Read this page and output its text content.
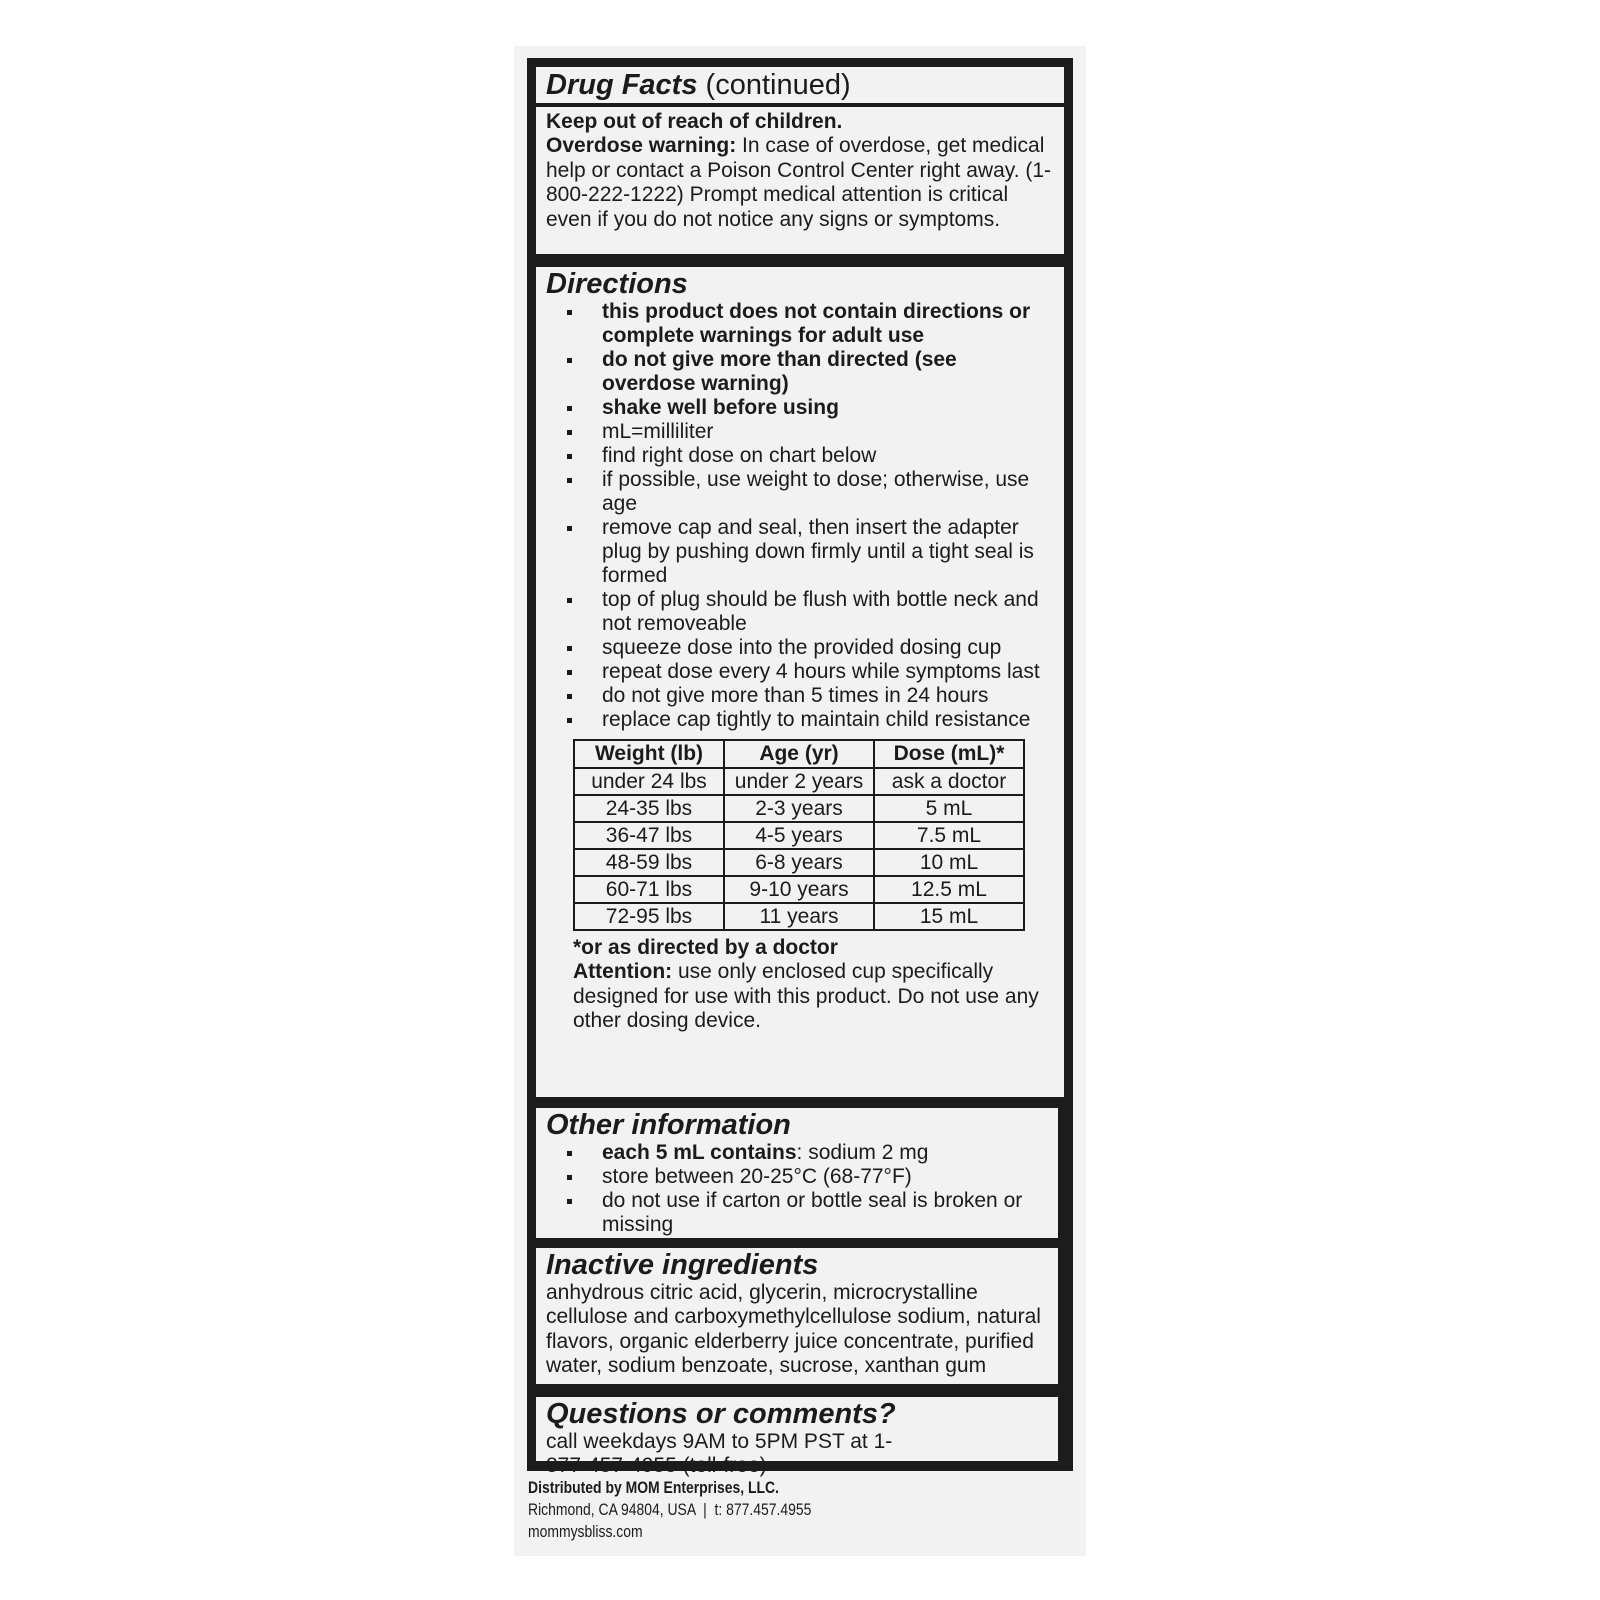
Drug Facts (continued)

Keep out of reach of children.
Overdose warning: In case of overdose, get medical help or contact a Poison Control Center right away. (1-800-222-1222) Prompt medical attention is critical even if you do not notice any signs or symptoms.

Directions

this product does not contain directions or complete warnings for adult use
do not give more than directed (see overdose warning)
shake well before using
mL=milliliter
find right dose on chart below
if possible, use weight to dose; otherwise, use age
remove cap and seal, then insert the adapter plug by pushing down firmly until a tight seal is formed
top of plug should be flush with bottle neck and not removeable
squeeze dose into the provided dosing cup
repeat dose every 4 hours while symptoms last
do not give more than 5 times in 24 hours
replace cap tightly to maintain child resistance
Weight (lb)	Age (yr)	Dose (mL)*
under 24 lbs	under 2 years	ask a doctor
24-35 lbs	2-3 years	5 mL
36-47 lbs	4-5 years	7.5 mL
48-59 lbs	6-8 years	10 mL
60-71 lbs	9-10 years	12.5 mL
72-95 lbs	11 years	15 mL

*or as directed by a doctor
Attention: use only enclosed cup specifically designed for use with this product. Do not use any other dosing device.

Other information

each 5 mL contains: sodium 2 mg
store between 20-25°C (68-77°F)
do not use if carton or bottle seal is broken or missing

Inactive ingredients

anhydrous citric acid, glycerin, microcrystalline cellulose and carboxymethylcellulose sodium, natural flavors, organic elderberry juice concentrate, purified water, sodium benzoate, sucrose, xanthan gum

Questions or comments?

call weekdays 9AM to 5PM PST at 1-877-457-4955 (toll-free)

Distributed by MOM Enterprises, LLC.
Richmond, CA 94804, USA  |  t: 877.457.4955
mommysbliss.com
